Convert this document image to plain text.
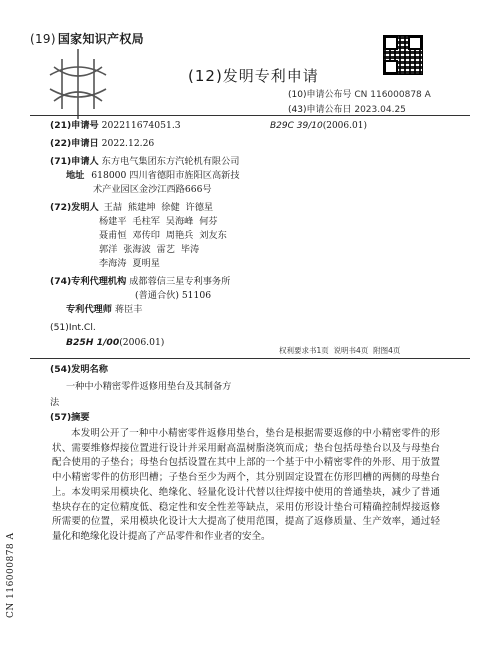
(19) 国家知识产权局
(12)发明专利申请
(10)申请公布号 CN 116000878 A
(43)申请公布日 2023.04.25
B29C 39/10(2006.01)
(21)申请号 202211674051.3
(22)申请日 2022.12.26
(71)申请人 东方电气集团东方汽轮机有限公司
地址 618000 四川省德阳市旌阳区高新技
术产业园区金沙江西路666号
(72)发明人 王喆  熊建坤  徐健  许德星
杨建平  毛柱军  吴海峰  何芬
聂甫恒  邓传印  周艳兵  刘友东
郭洋  张海波  雷艺  毕涛
李海涛  夏明星
(74)专利代理机构 成都蓉信三星专利事务所
(普通合伙) 51106
专利代理师 蒋臣丰
(51)Int.Cl.
B25H 1/00(2006.01)
权利要求书1页  说明书4页  附图4页
(54)发明名称
一种中小精密零件返修用垫台及其制备方
法
(57)摘要
本发明公开了一种中小精密零件返修用垫台，垫台是根据需要返修的中小精密零件的形状、需要维修焊接位置进行设计并采用耐高温树脂浇筑而成；垫台包括母垫台以及与母垫台配合使用的子垫台；母垫台包括设置在其中上部的一个基于中小精密零件的外形、用于放置中小精密零件的仿形凹槽；子垫台至少为两个，其分别固定设置在仿形凹槽的两侧的母垫台上。本发明采用模块化、绝缘化、轻量化设计代替以往焊接中使用的普通垫块，减少了普通垫块存在的定位精度低、稳定性和安全性差等缺点，采用仿形设计垫台可精确控制焊接返修所需要的位置，采用模块化设计大大提高了使用范围，提高了返修质量、生产效率，通过轻量化和绝缘化设计提高了产品零件和作业者的安全。
CN 116000878 A
